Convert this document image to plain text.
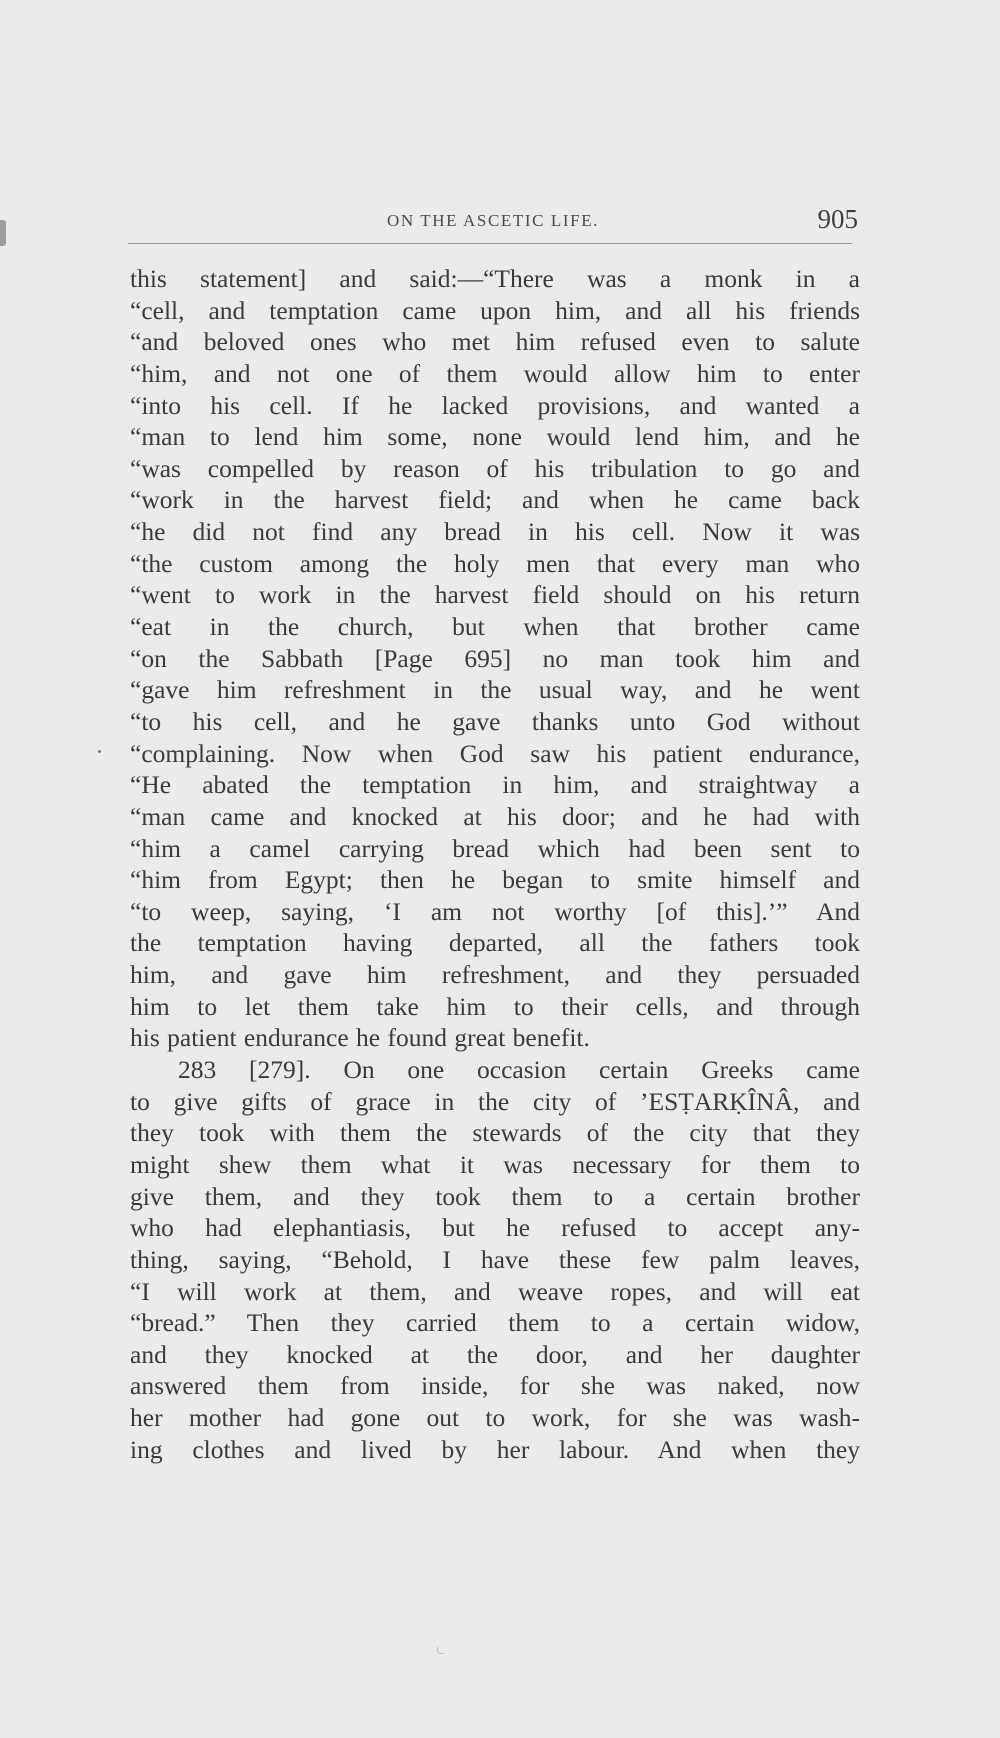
ON THE ASCETIC LIFE.	905
this statement] and said:—“There was a monk in a
“cell, and temptation came upon him, and all his friends
“and beloved ones who met him refused even to salute
“him, and not one of them would allow him to enter
“into his cell. If he lacked provisions, and wanted a
“man to lend him some, none would lend him, and he
“was compelled by reason of his tribulation to go and
“work in the harvest field; and when he came back
“he did not find any bread in his cell. Now it was
“the custom among the holy men that every man who
“went to work in the harvest field should on his return
“eat in the church, but when that brother came
“on the Sabbath [Page 695] no man took him and
“gave him refreshment in the usual way, and he went
“to his cell, and he gave thanks unto God without
“complaining. Now when God saw his patient endurance,
“He abated the temptation in him, and straightway a
“man came and knocked at his door; and he had with
“him a camel carrying bread which had been sent to
“him from Egypt; then he began to smite himself and
“to weep, saying, ‘I am not worthy [of this].’” And
the temptation having departed, all the fathers took
him, and gave him refreshment, and they persuaded
him to let them take him to their cells, and through
his patient endurance he found great benefit.
283 [279]. On one occasion certain Greeks came
to give gifts of grace in the city of ’ESṬARḲÎNÂ, and
they took with them the stewards of the city that they
might shew them what it was necessary for them to
give them, and they took them to a certain brother
who had elephantiasis, but he refused to accept any-
thing, saying, “Behold, I have these few palm leaves,
“I will work at them, and weave ropes, and will eat
“bread.” Then they carried them to a certain widow,
and they knocked at the door, and her daughter
answered them from inside, for she was naked, now
her mother had gone out to work, for she was wash-
ing clothes and lived by her labour. And when they
